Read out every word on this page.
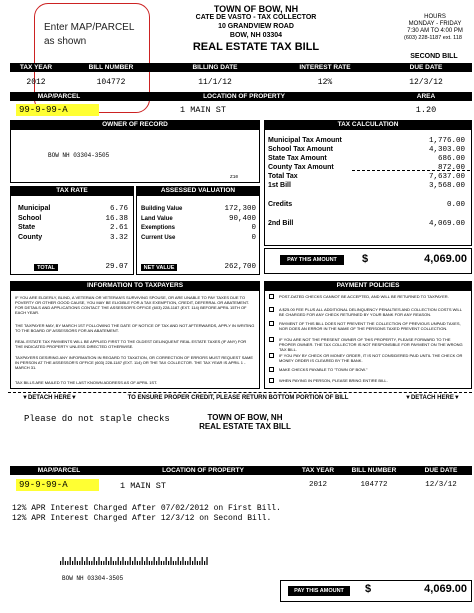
Enter MAP/PARCEL
as shown
TOWN OF BOW, NH
CATE DE VASTO - TAX COLLECTOR
10 GRANDVIEW ROAD
BOW, NH 03304
REAL ESTATE TAX BILL
HOURS
MONDAY - FRIDAY
7:30 AM TO 4:00 PM
(603) 228-1187 ext. 118
SECOND BILL
TAX YEAR	BILL NUMBER	BILLING DATE	INTEREST RATE	DUE DATE
2012	104772	11/1/12	12%	12/3/12
MAP/PARCEL	LOCATION OF PROPERTY	AREA
99-9-99-A	1 MAIN ST	1.20
OWNER OF RECORD
BOW NH 03304-3505
Z10
TAX CALCULATION
Municipal Tax Amount	1,776.00
School Tax Amount	4,303.00
State Tax Amount	686.00
County Tax Amount	872.00
Total Tax	7,637.00
1st Bill	3,568.00
Credits	0.00
2nd Bill	4,069.00
TAX RATE
Municipal	6.76
School	16.38
State	2.61
County	3.32
TOTAL	29.07
ASSESSED VALUATION
Building Value	172,300
Land Value	90,400
Exemptions	0
Current Use	0
NET VALUE	262,700
PAY THIS AMOUNT	$	4,069.00
INFORMATION TO TAXPAYERS
IF YOU ARE ELDERLY, BLIND, A VETERAN OR VETERAN'S SURVIVING SPOUSE, OR ARE UNABLE TO PAY TAXES DUE TO POVERTY OR OTHER GOOD CAUSE, YOU MAY BE ELIGIBLE FOR A TAX EXEMPTION, CREDIT, DEFERRAL OR ABATEMENT. FOR DETAILS AND APPLICATIONS CONTACT THE ASSESSOR'S OFFICE (603) 228-1187 (EXT. 114) BEFORE APRIL 15TH OF EACH YEAR.
THE TAXPAYER MAY, BY MARCH 1ST FOLLOWING THE DATE OF NOTICE OF TAX AND NOT AFTERWARDS, APPLY IN WRITING TO THE BOARD OF ASSESSORS FOR AN ABATEMENT.
REAL ESTATE TAX PAYMENTS WILL BE APPLIED FIRST TO THE OLDEST DELINQUENT REAL ESTATE TAXES (IF ANY) FOR THE INDICATED PROPERTY UNLESS DIRECTED OTHERWISE.
TAXPAYERS DESIRING ANY INFORMATION IN REGARD TO TAXATION, OR CORRECTION OF ERRORS MUST REQUEST SAME IN PERSON AT THE ASSESSOR'S OFFICE (603) 228-1187 (EXT. 114) OR THE TAX COLLECTOR. THE TAX YEAR IS APRIL 1 - MARCH 31.
TAX BILLS ARE MAILED TO THE LAST KNOWN ADDRESS AS OF APRIL 1ST.
PAYMENT POLICIES
POST-DATED CHECKS CANNOT BE ACCEPTED, AND WILL BE RETURNED TO TAXPAYER.
A $25.00 FEE PLUS ALL ADDITIONAL DELINQUENCY PENALTIES AND COLLECTION COSTS WILL BE CHARGED FOR ANY CHECK RETURNED BY YOUR BANK FOR ANY REASON.
PAYMENT OF THIS BILL DOES NOT PREVENT THE COLLECTION OF PREVIOUS UNPAID TAXES, NOR DOES AN ERROR IN THE NAME OF THE PERSONS TAXED PREVENT COLLECTION.
IF YOU ARE NOT THE PRESENT OWNER OF THIS PROPERTY, PLEASE FORWARD TO THE PROPER OWNER. THE TAX COLLECTOR IS NOT RESPONSIBLE FOR PAYMENT ON THE WRONG TAX BILL.
IF YOU PAY BY CHECK OR MONEY ORDER, IT IS NOT CONSIDERED PAID UNTIL THE CHECK OR MONEY ORDER IS CLEARED BY THE BANK.
MAKE CHECKS PAYABLE TO "TOWN OF BOW."
WHEN PAYING IN PERSON, PLEASE BRING ENTIRE BILL.
▼DETACH HERE▼	TO ENSURE PROPER CREDIT, PLEASE RETURN BOTTOM PORTION OF BILL	▼DETACH HERE▼
Please do not staple checks	TOWN OF BOW, NH
REAL ESTATE TAX BILL
MAP/PARCEL	LOCATION OF PROPERTY	TAX YEAR	BILL NUMBER	DUE DATE
99-9-99-A	1 MAIN ST	2012	104772	12/3/12
12% APR Interest Charged After 07/02/2012 on First Bill.
12% APR Interest Charged After 12/3/12 on Second Bill.
BOW NH 03304-3505
PAY THIS AMOUNT	$	4,069.00
